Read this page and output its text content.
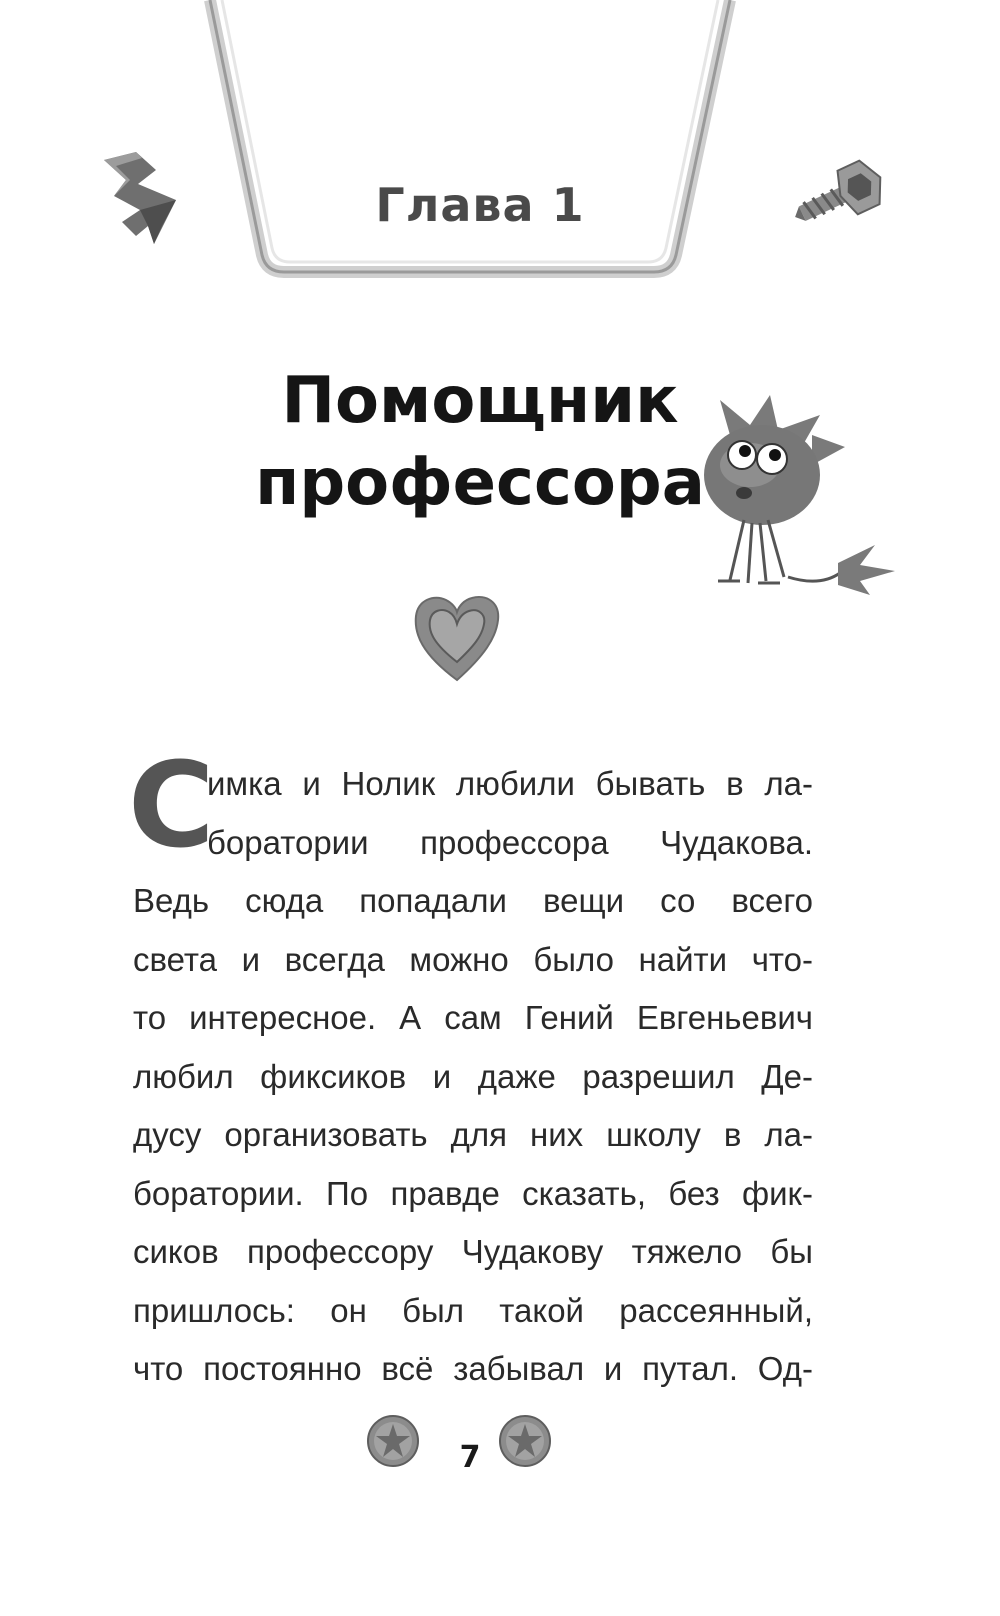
Глава 1
Помощник
профессора
С
имка и Нолик любили бывать в ла-
боратории профессора Чудакова.
Ведь сюда попадали вещи со всего
света и всегда можно было найти что-
то интересное. А сам Гений Евгеньевич
любил фиксиков и даже разрешил Де-
дусу организовать для них школу в ла-
боратории. По правде сказать, без фик-
сиков профессору Чудакову тяжело бы
пришлось: он был такой рассеянный,
что постоянно всё забывал и путал. Од-
7
